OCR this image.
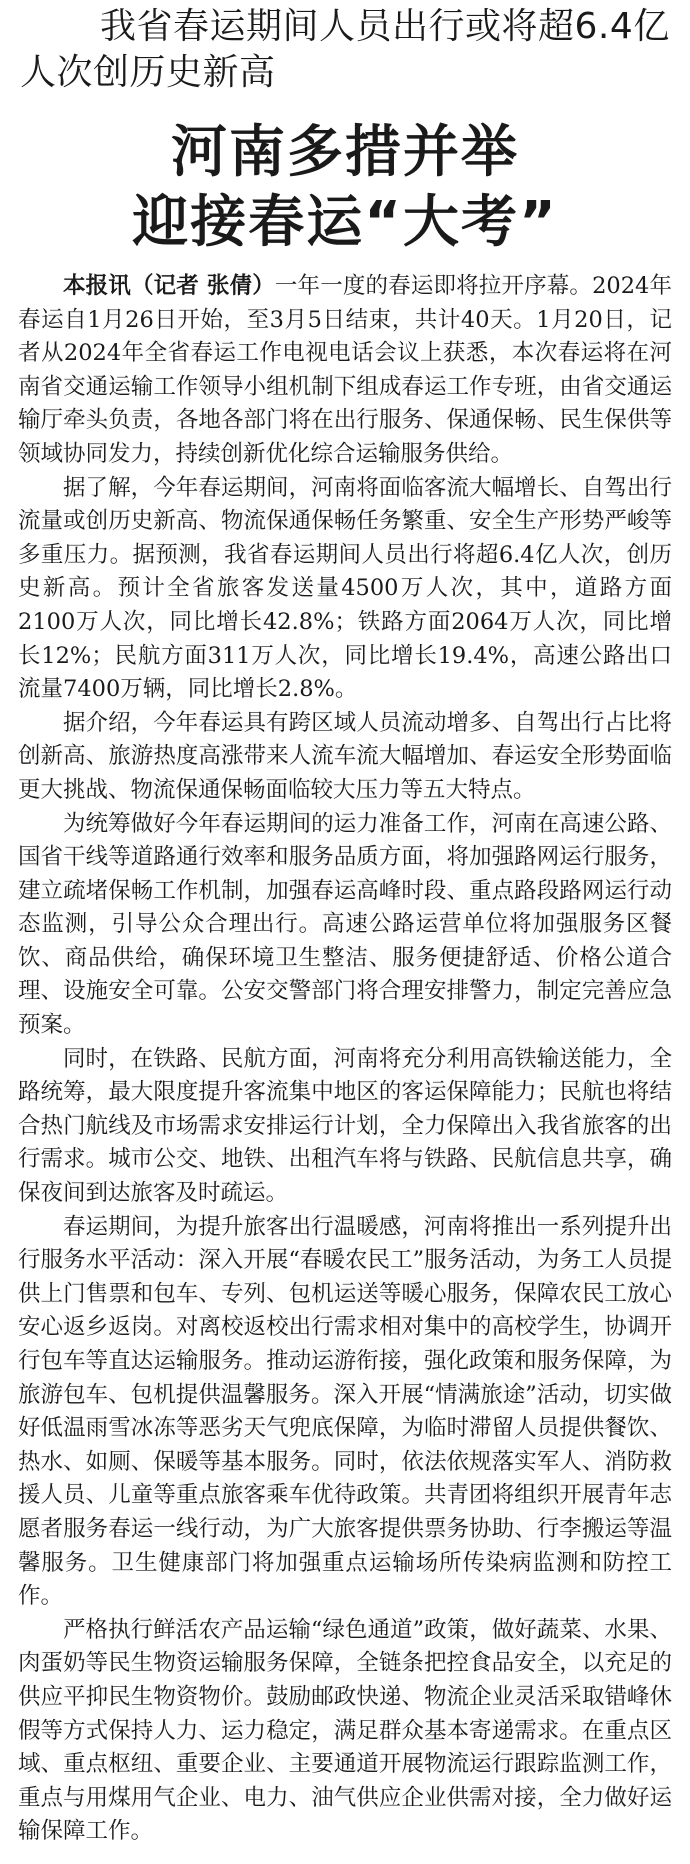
我省春运期间人员出行或将超6.4亿
人次创历史新高
河南多措并举
迎接春运“大考”

本报讯（记者 张倩）一年一度的春运即将拉开序幕。2024年春运自1月26日开始，至3月5日结束，共计40天。1月20日，记者从2024年全省春运工作电视电话会议上获悉，本次春运将在河南省交通运输工作领导小组机制下组成春运工作专班，由省交通运输厅牵头负责，各地各部门将在出行服务、保通保畅、民生保供等领域协同发力，持续创新优化综合运输服务供给。

据了解，今年春运期间，河南将面临客流大幅增长、自驾出行流量或创历史新高、物流保通保畅任务繁重、安全生产形势严峻等多重压力。据预测，我省春运期间人员出行将超6.4亿人次，创历史新高。预计全省旅客发送量4500万人次，其中，道路方面2100万人次，同比增长42.8%；铁路方面2064万人次，同比增长12%；民航方面311万人次，同比增长19.4%，高速公路出口流量7400万辆，同比增长2.8%。

据介绍，今年春运具有跨区域人员流动增多、自驾出行占比将创新高、旅游热度高涨带来人流车流大幅增加、春运安全形势面临更大挑战、物流保通保畅面临较大压力等五大特点。

为统筹做好今年春运期间的运力准备工作，河南在高速公路、国省干线等道路通行效率和服务品质方面，将加强路网运行服务，建立疏堵保畅工作机制，加强春运高峰时段、重点路段路网运行动态监测，引导公众合理出行。高速公路运营单位将加强服务区餐饮、商品供给，确保环境卫生整洁、服务便捷舒适、价格公道合理、设施安全可靠。公安交警部门将合理安排警力，制定完善应急预案。

同时，在铁路、民航方面，河南将充分利用高铁输送能力，全路统筹，最大限度提升客流集中地区的客运保障能力；民航也将结合热门航线及市场需求安排运行计划，全力保障出入我省旅客的出行需求。城市公交、地铁、出租汽车将与铁路、民航信息共享，确保夜间到达旅客及时疏运。

春运期间，为提升旅客出行温暖感，河南将推出一系列提升出行服务水平活动：深入开展“春暖农民工”服务活动，为务工人员提供上门售票和包车、专列、包机运送等暖心服务，保障农民工放心安心返乡返岗。对离校返校出行需求相对集中的高校学生，协调开行包车等直达运输服务。推动运游衔接，强化政策和服务保障，为旅游包车、包机提供温馨服务。深入开展“情满旅途”活动，切实做好低温雨雪冰冻等恶劣天气兜底保障，为临时滞留人员提供餐饮、热水、如厕、保暖等基本服务。同时，依法依规落实军人、消防救援人员、儿童等重点旅客乘车优待政策。共青团将组织开展青年志愿者服务春运一线行动，为广大旅客提供票务协助、行李搬运等温馨服务。卫生健康部门将加强重点运输场所传染病监测和防控工作。

严格执行鲜活农产品运输“绿色通道”政策，做好蔬菜、水果、肉蛋奶等民生物资运输服务保障，全链条把控食品安全，以充足的供应平抑民生物资物价。鼓励邮政快递、物流企业灵活采取错峰休假等方式保持人力、运力稳定，满足群众基本寄递需求。在重点区域、重点枢纽、重要企业、主要通道开展物流运行跟踪监测工作，重点与用煤用气企业、电力、油气供应企业供需对接，全力做好运输保障工作。
